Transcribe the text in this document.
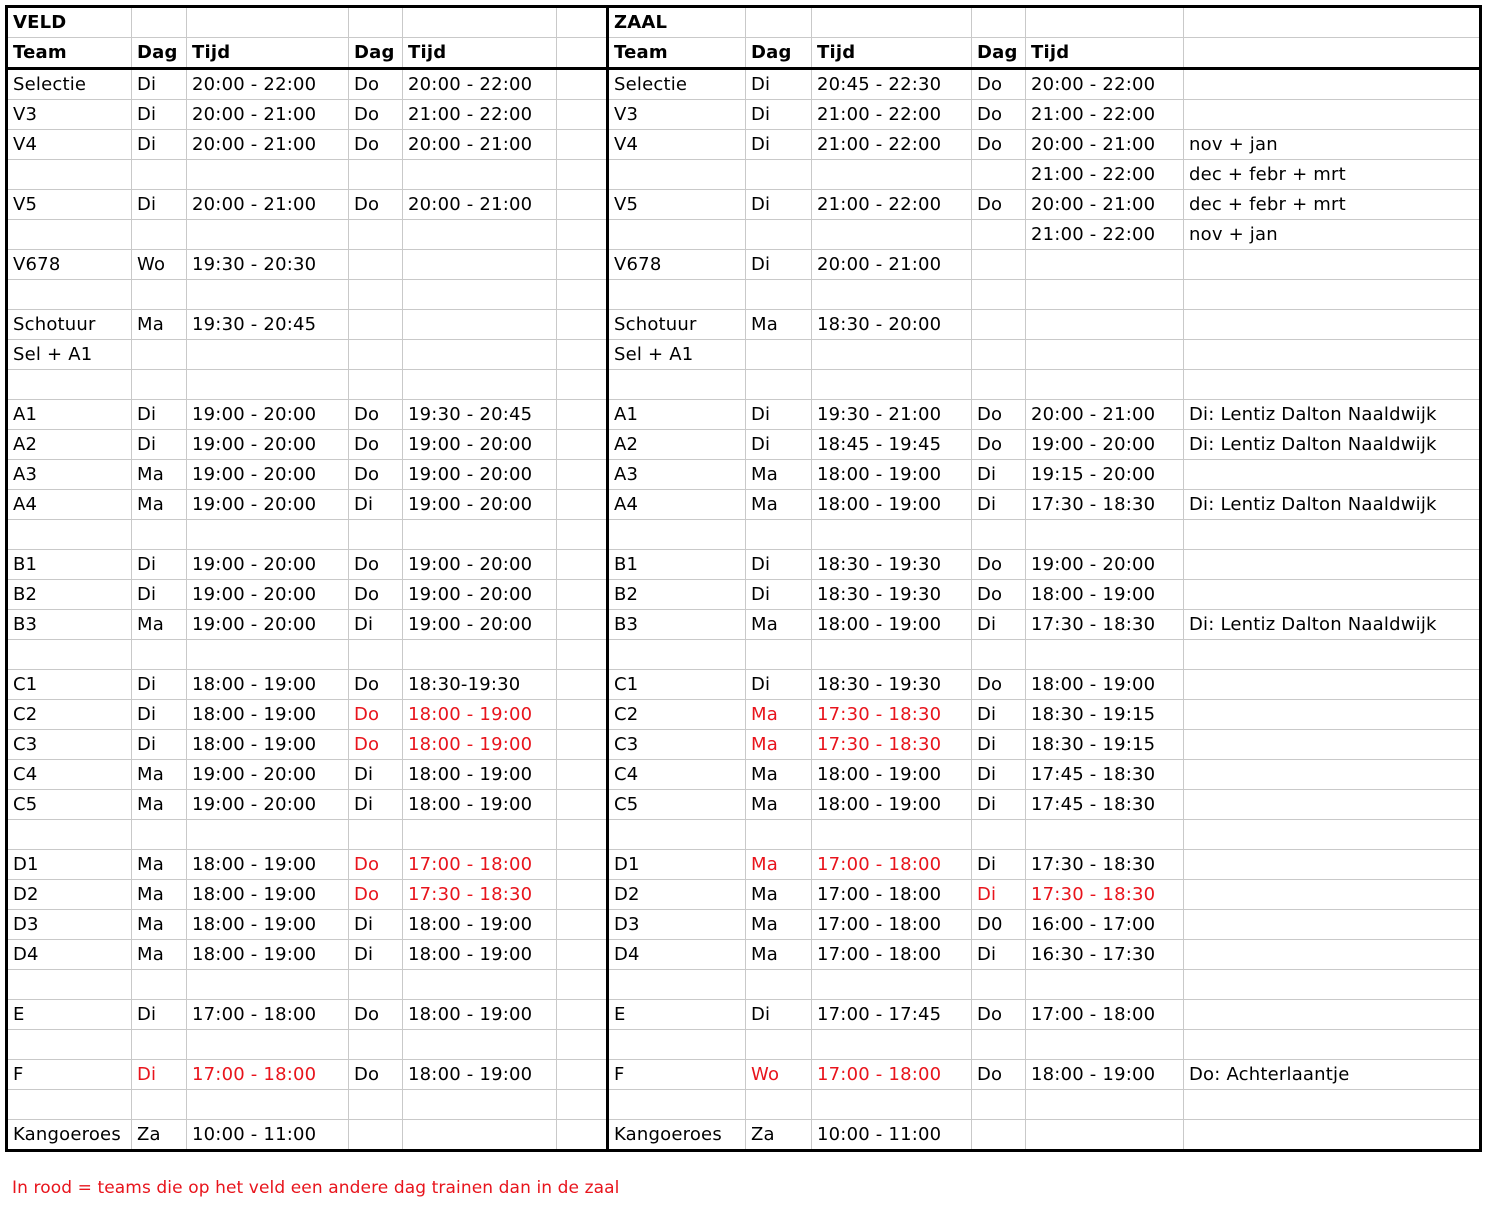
VELD						ZAAL					
Team	Dag	Tijd	Dag	Tijd		Team	Dag	Tijd	Dag	Tijd	
Selectie	Di	20:00 - 22:00	Do	20:00 - 22:00		Selectie	Di	20:45 - 22:30	Do	20:00 - 22:00	
V3	Di	20:00 - 21:00	Do	21:00 - 22:00		V3	Di	21:00 - 22:00	Do	21:00 - 22:00	
V4	Di	20:00 - 21:00	Do	20:00 - 21:00		V4	Di	21:00 - 22:00	Do	20:00 - 21:00	nov + jan
										21:00 - 22:00	dec + febr + mrt
V5	Di	20:00 - 21:00	Do	20:00 - 21:00		V5	Di	21:00 - 22:00	Do	20:00 - 21:00	dec + febr + mrt
										21:00 - 22:00	nov + jan
V678	Wo	19:30 - 20:30				V678	Di	20:00 - 21:00			

Schotuur	Ma	19:30 - 20:45				Schotuur	Ma	18:30 - 20:00			
Sel + A1						Sel + A1					

A1	Di	19:00 - 20:00	Do	19:30 - 20:45		A1	Di	19:30 - 21:00	Do	20:00 - 21:00	Di: Lentiz Dalton Naaldwijk
A2	Di	19:00 - 20:00	Do	19:00 - 20:00		A2	Di	18:45 - 19:45	Do	19:00 - 20:00	Di: Lentiz Dalton Naaldwijk
A3	Ma	19:00 - 20:00	Do	19:00 - 20:00		A3	Ma	18:00 - 19:00	Di	19:15 - 20:00	
A4	Ma	19:00 - 20:00	Di	19:00 - 20:00		A4	Ma	18:00 - 19:00	Di	17:30 - 18:30	Di: Lentiz Dalton Naaldwijk

B1	Di	19:00 - 20:00	Do	19:00 - 20:00		B1	Di	18:30 - 19:30	Do	19:00 - 20:00	
B2	Di	19:00 - 20:00	Do	19:00 - 20:00		B2	Di	18:30 - 19:30	Do	18:00 - 19:00	
B3	Ma	19:00 - 20:00	Di	19:00 - 20:00		B3	Ma	18:00 - 19:00	Di	17:30 - 18:30	Di: Lentiz Dalton Naaldwijk

C1	Di	18:00 - 19:00	Do	18:30-19:30		C1	Di	18:30 - 19:30	Do	18:00 - 19:00	
C2	Di	18:00 - 19:00	Do	18:00 - 19:00		C2	Ma	17:30 - 18:30	Di	18:30 - 19:15	
C3	Di	18:00 - 19:00	Do	18:00 - 19:00		C3	Ma	17:30 - 18:30	Di	18:30 - 19:15	
C4	Ma	19:00 - 20:00	Di	18:00 - 19:00		C4	Ma	18:00 - 19:00	Di	17:45 - 18:30	
C5	Ma	19:00 - 20:00	Di	18:00 - 19:00		C5	Ma	18:00 - 19:00	Di	17:45 - 18:30	

D1	Ma	18:00 - 19:00	Do	17:00 - 18:00		D1	Ma	17:00 - 18:00	Di	17:30 - 18:30	
D2	Ma	18:00 - 19:00	Do	17:30 - 18:30		D2	Ma	17:00 - 18:00	Di	17:30 - 18:30	
D3	Ma	18:00 - 19:00	Di	18:00 - 19:00		D3	Ma	17:00 - 18:00	D0	16:00 - 17:00	
D4	Ma	18:00 - 19:00	Di	18:00 - 19:00		D4	Ma	17:00 - 18:00	Di	16:30 - 17:30	

E	Di	17:00 - 18:00	Do	18:00 - 19:00		E	Di	17:00 - 17:45	Do	17:00 - 18:00	

F	Di	17:00 - 18:00	Do	18:00 - 19:00		F	Wo	17:00 - 18:00	Do	18:00 - 19:00	Do: Achterlaantje

Kangoeroes	Za	10:00 - 11:00				Kangoeroes	Za	10:00 - 11:00			
In rood = teams die op het veld een andere dag trainen dan in de zaal
